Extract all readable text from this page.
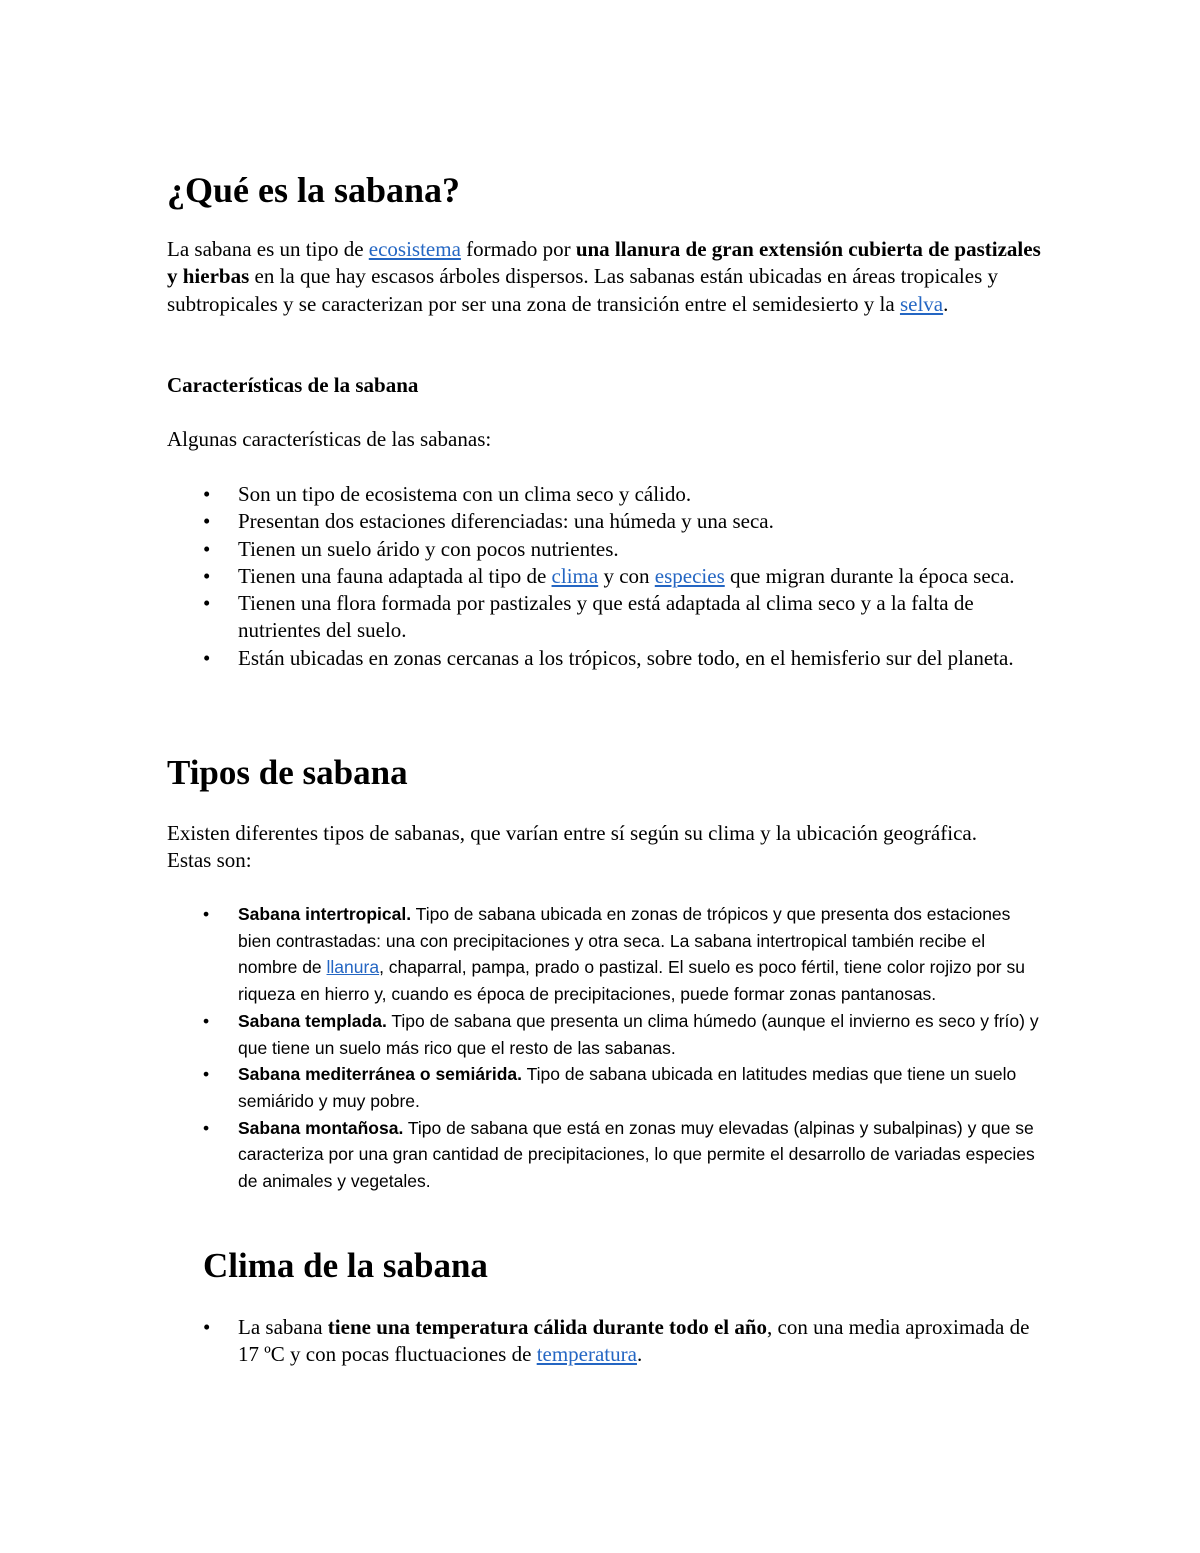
¿Qué es la sabana?

La sabana es un tipo de ecosistema formado por una llanura de gran extensión cubierta de pastizales y hierbas en la que hay escasos árboles dispersos. Las sabanas están ubicadas en áreas tropicales y subtropicales y se caracterizan por ser una zona de transición entre el semidesierto y la selva.

Características de la sabana

Algunas características de las sabanas:

• Son un tipo de ecosistema con un clima seco y cálido.
• Presentan dos estaciones diferenciadas: una húmeda y una seca.
• Tienen un suelo árido y con pocos nutrientes.
• Tienen una fauna adaptada al tipo de clima y con especies que migran durante la época seca.
• Tienen una flora formada por pastizales y que está adaptada al clima seco y a la falta de nutrientes del suelo.
• Están ubicadas en zonas cercanas a los trópicos, sobre todo, en el hemisferio sur del planeta.
Tipos de sabana

Existen diferentes tipos de sabanas, que varían entre sí según su clima y la ubicación geográfica. Estas son:

• Sabana intertropical. Tipo de sabana ubicada en zonas de trópicos y que presenta dos estaciones bien contrastadas: una con precipitaciones y otra seca. La sabana intertropical también recibe el nombre de llanura, chaparral, pampa, prado o pastizal. El suelo es poco fértil, tiene color rojizo por su riqueza en hierro y, cuando es época de precipitaciones, puede formar zonas pantanosas.
• Sabana templada. Tipo de sabana que presenta un clima húmedo (aunque el invierno es seco y frío) y que tiene un suelo más rico que el resto de las sabanas.
• Sabana mediterránea o semiárida. Tipo de sabana ubicada en latitudes medias que tiene un suelo semiárido y muy pobre.
• Sabana montañosa. Tipo de sabana que está en zonas muy elevadas (alpinas y subalpinas) y que se caracteriza por una gran cantidad de precipitaciones, lo que permite el desarrollo de variadas especies de animales y vegetales.
Clima de la sabana
• La sabana tiene una temperatura cálida durante todo el año, con una media aproximada de 17 ºC y con pocas fluctuaciones de temperatura.
